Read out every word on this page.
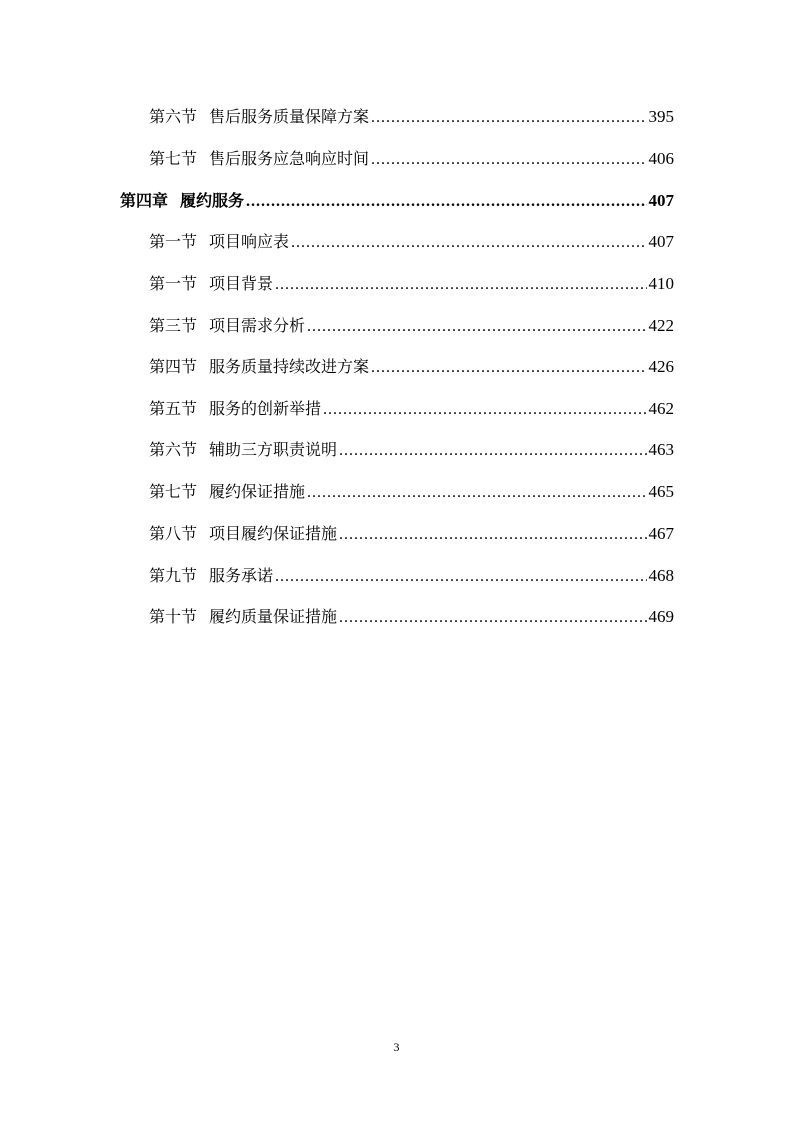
第六节 售后服务质量保障方案 .....	395
第七节 售后服务应急响应时间 .....	406
第四章 履约服务 .....	407
第一节 项目响应表 .....	407
第一节 项目背景 .....	410
第三节 项目需求分析 .....	422
第四节 服务质量持续改进方案 .....	426
第五节 服务的创新举措 .....	462
第六节 辅助三方职责说明 .....	463
第七节 履约保证措施 .....	465
第八节 项目履约保证措施 .....	467
第九节 服务承诺 .....	468
第十节 履约质量保证措施 .....	469
3
